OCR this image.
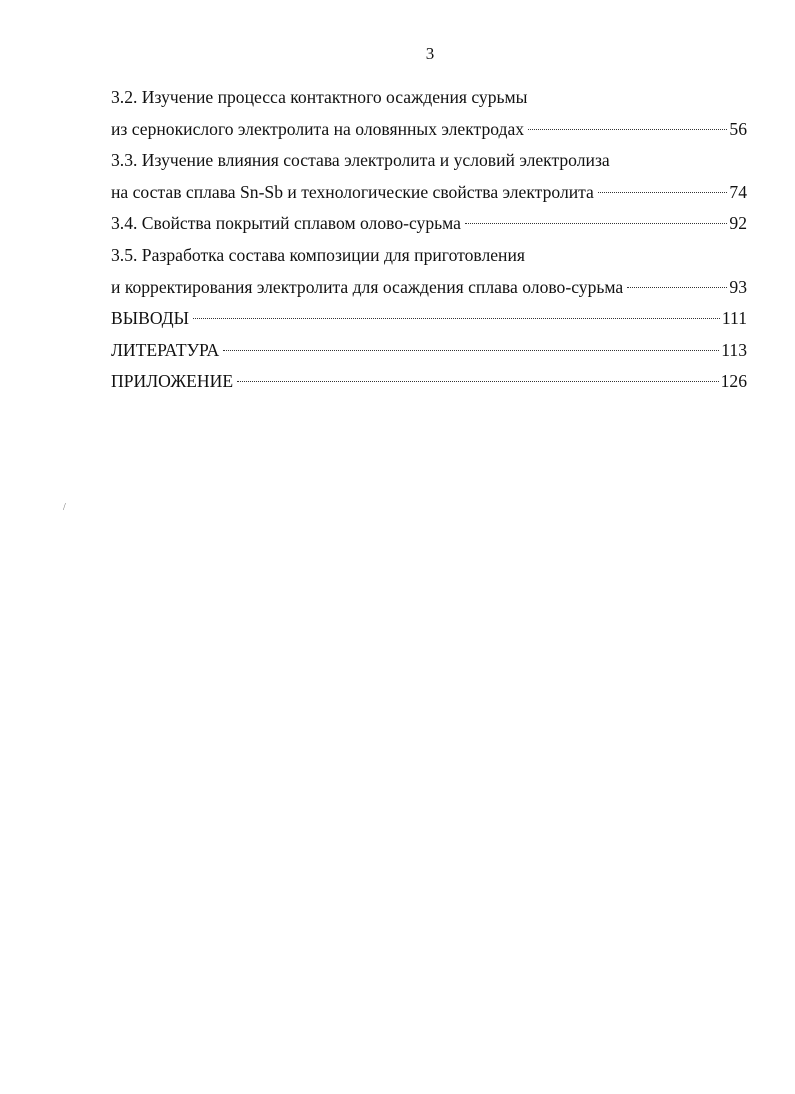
3
3.2. Изучение процесса контактного осаждения сурьмы
из сернокислого электролита на оловянных электродах	56
3.3. Изучение влияния состава электролита и условий электролиза
на состав сплава Sn-Sb и технологические свойства электролита	74
3.4. Свойства покрытий сплавом олово-сурьма	92
3.5. Разработка состава композиции для приготовления
и корректирования электролита для осаждения сплава олово-сурьма	93
ВЫВОДЫ	111
ЛИТЕРАТУРА	113
ПРИЛОЖЕНИЕ	126
/
